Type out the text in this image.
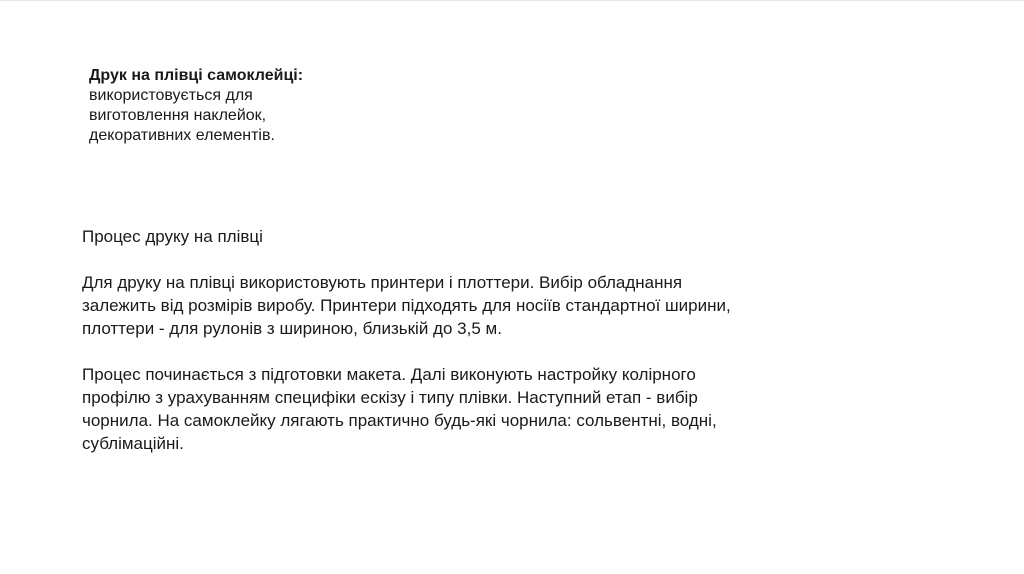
Друк на плівці самоклейці:
використовується для
виготовлення наклейок,
декоративних елементів.
Процес друку на плівці
Для друку на плівці використовують принтери і плоттери. Вибір обладнання
залежить від розмірів виробу. Принтери підходять для носіїв стандартної ширини,
плоттери - для рулонів з шириною, близькій до 3,5 м.
Процес починається з підготовки макета. Далі виконують настройку колірного
профілю з урахуванням специфіки ескізу і типу плівки. Наступний етап - вибір
чорнила. На самоклейку лягають практично будь-які чорнила: сольвентні, водні,
сублімаційні.
